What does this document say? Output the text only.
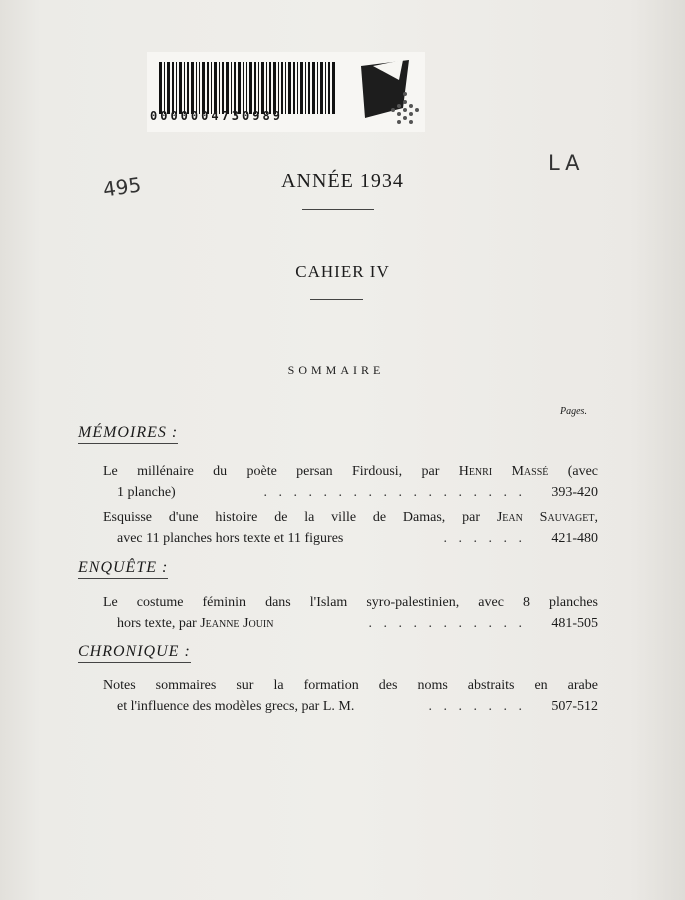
0000004730989
495
LA
ANNÉE 1934
CAHIER IV
SOMMAIRE
Pages.
MÉMOIRES :
Le millénaire du poète persan Firdousi, par Henri Massé (avec
1 planche)	. . . . . . . . . . . . . . . . . .	393-420
Esquisse d'une histoire de la ville de Damas, par Jean Sauvaget,
avec 11 planches hors texte et 11 figures	. . . . . .	421-480
ENQUÊTE :
Le costume féminin dans l'Islam syro-palestinien, avec 8 planches
hors texte, par Jeanne Jouin	. . . . . . . . . . .	481-505
CHRONIQUE :
Notes sommaires sur la formation des noms abstraits en arabe
et l'influence des modèles grecs, par L. M.	. . . . . . .	507-512
